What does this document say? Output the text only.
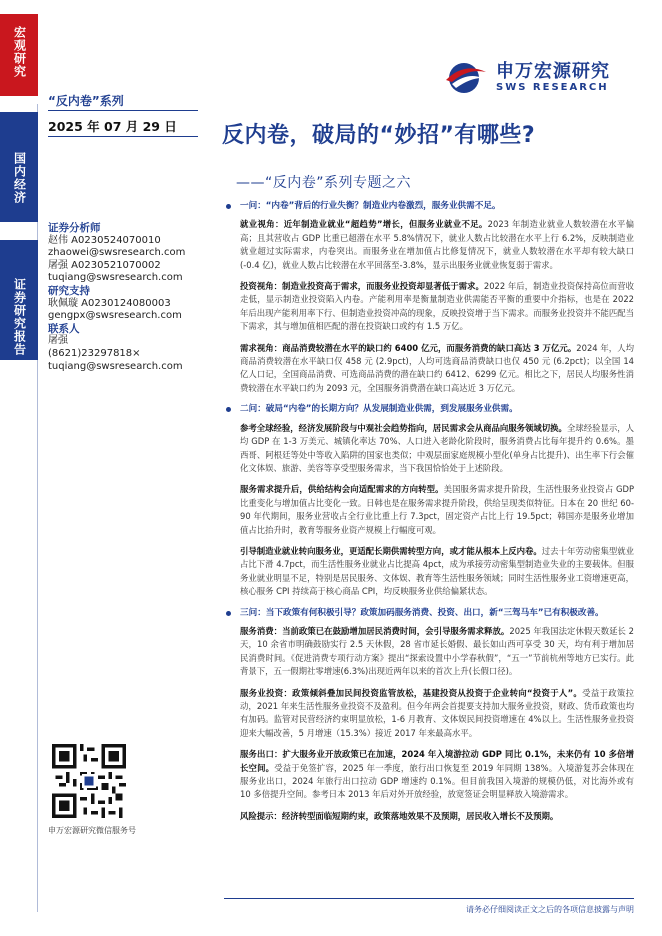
宏观研究
国内经济
证券研究报告
申万宏源研究
SWS RESEARCH
“反内卷”系列
2025 年 07 月 29 日
证券分析师
赵伟 A0230524070010
zhaowei@swsresearch.com
屠强 A0230521070002
tuqiang@swsresearch.com
研究支持
耿佩璇 A0230124080003
gengpx@swsresearch.com
联系人
屠强
(8621)23297818×
tuqiang@swsresearch.com
申万宏源研究微信服务号
反内卷，破局的“妙招”有哪些?
——“反内卷”系列专题之六
一问：“内卷”背后的行业失衡？制造业内卷激烈，服务业供需不足。
就业视角：近年制造业就业“超趋势”增长，但服务业就业不足。2023 年制造业就业人数较潜在水平偏高；且其营收占 GDP 比重已超潜在水平 5.8%情况下，就业人数占比较潜在水平上行 6.2%，反映制造业就业超过实际需求，内卷突出。而服务业在增加值占比修复情况下，就业人数较潜在水平却有较大缺口(-0.4 亿)，就业人数占比较潜在水平回落至-3.8%，显示出服务业就业恢复弱于需求。
投资视角：制造业投资高于需求，而服务业投资却显著低于需求。2022 年后，制造业投资保持高位而营收走低，显示制造业投资陷入内卷。产能利用率是衡量制造业供需能否平衡的重要中介指标，也是在 2022 年后出现产能利用率下行、但制造业投资冲高的现象，反映投资增于当下需求。而服务业投资并不能匹配当下需求，其与增加值相匹配的潜在投资缺口或约有 1.5 万亿。
需求视角：商品消费较潜在水平的缺口约 6400 亿元，而服务消费的缺口高达 3 万亿元。2024 年，人均商品消费较潜在水平缺口仅 458 元 (2.9pct)，人均可选商品消费缺口也仅 450 元 (6.2pct)；以全国 14 亿人口记，全国商品消费、可选商品消费的潜在缺口约 6412、6299 亿元。相比之下，居民人均服务性消费较潜在水平缺口约为 2093 元，全国服务消费潜在缺口高达近 3 万亿元。
二问：破局“内卷”的长期方向？从发展制造业供需，到发展服务业供需。
参考全球经验，经济发展阶段与中观社会趋势指向，居民需求会从商品向服务领域切换。全球经验显示，人均 GDP 在 1-3 万美元、城镇化率达 70%、人口进入老龄化阶段时，服务消费占比每年提升约 0.6%。墨西哥、阿根廷等处中等收入陷阱的国家也类似；中观层面家庭规模小型化(单身占比提升)、出生率下行会催化文体娱、旅游、美容等享受型服务需求，当下我国恰恰处于上述阶段。
服务需求提升后，供给结构会向适配需求的方向转型。美国服务需求提升阶段，生活性服务业投资占 GDP 比重变化与增加值占比变化一致。日韩也是在服务需求提升阶段，供给呈现类似特征。日本在 20 世纪 60-90 年代期间，服务业营收占全行业比重上行 7.3pct，固定资产占比上行 19.5pct；韩国亦是服务业增加值占比抬升时，教育等服务业资产规模上行幅度可观。
引导制造业就业转向服务业，更适配长期供需转型方向，或才能从根本上反内卷。过去十年劳动密集型就业占比下滑 4.7pct，而生活性服务业就业占比提高 4pct，成为承接劳动密集型制造业失业的主要载体。但服务业就业明显不足，特别是居民服务、文体娱、教育等生活性服务领域；同时生活性服务业工资增速更高，核心服务 CPI 持续高于核心商品 CPI，均反映服务业供给偏紧状态。
三问：当下政策有何积极引导？政策加码服务消费、投资、出口，新“三驾马车”已有积极改善。
服务消费：当前政策已在鼓励增加居民消费时间，会引导服务需求释放。2025 年我国法定休假天数延长 2 天，10 余省市明确鼓励实行 2.5 天休假，28 省市延长婚假、最长如山西可享受 30 天，均有利于增加居民消费时间。《促进消费专项行动方案》提出“探索设置中小学春秋假”，“五一”节前杭州等地方已实行。此背景下，五一假期社零增速(6.3%)出现近两年以来的首次上升(长假口径)。
服务业投资：政策倾斜叠加民间投资监管放松，基建投资从投资于企业转向“投资于人”。受益于政策拉动，2021 年来生活性服务业投资不及盈利。但今年两会首提要支持加大服务业投资，财政、货币政策也均有加码。监管对民营经济约束明显放松，1-6 月教育、文体娱民间投资增速在 4%以上。生活性服务业投资迎来大幅改善，5 月增速（15.3%）接近 2017 年来最高水平。
服务出口：扩大服务业开放政策已在加速，2024 年入境游拉动 GDP 同比 0.1%，未来仍有 10 多倍增长空间。受益于免签扩容，2025 年一季度，旅行出口恢复至 2019 年同期 138%。入境游复苏会体现在服务业出口，2024 年旅行出口拉动 GDP 增速约 0.1%。但目前我国入境游的规模仍低，对比海外或有 10 多倍提升空间。参考日本 2013 年后对外开放经验，放宽签证会明显释放入境游需求。
风险提示：经济转型面临短期约束，政策落地效果不及预期，居民收入增长不及预期。
请务必仔细阅读正文之后的各项信息披露与声明
